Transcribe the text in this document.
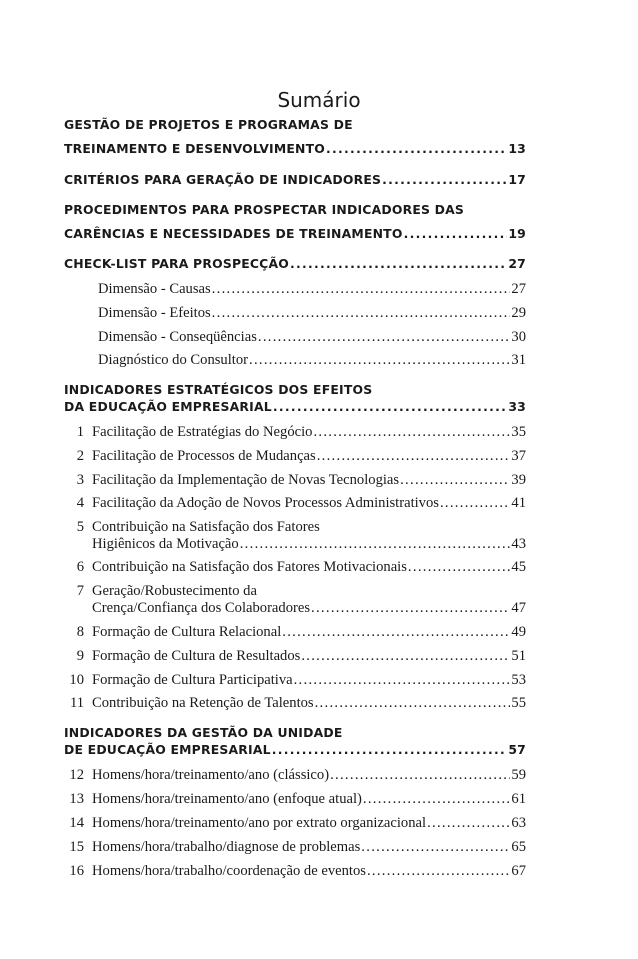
Sumário
GESTÃO DE PROJETOS E PROGRAMAS DE
TREINAMENTO E DESENVOLVIMENTO .....	13
CRITÉRIOS PARA GERAÇÃO DE INDICADORES .....	17
PROCEDIMENTOS PARA PROSPECTAR INDICADORES DAS
CARÊNCIAS E NECESSIDADES DE TREINAMENTO .....	19
CHECK-LIST PARA PROSPECÇÃO .....	27
Dimensão - Causas .....	27
Dimensão - Efeitos .....	29
Dimensão - Conseqüências .....	30
Diagnóstico do Consultor .....	31
INDICADORES ESTRATÉGICOS DOS EFEITOS
DA EDUCAÇÃO EMPRESARIAL .....	33
1 Facilitação de Estratégias do Negócio .....	35
2 Facilitação de Processos de Mudanças .....	37
3 Facilitação da Implementação de Novas Tecnologias .....	39
4 Facilitação da Adoção de Novos Processos Administrativos .....	41
5 Contribuição na Satisfação dos Fatores
Higiênicos da Motivação .....	43
6 Contribuição na Satisfação dos Fatores Motivacionais .....	45
7 Geração/Robustecimento da
Crença/Confiança dos Colaboradores .....	47
8 Formação de Cultura Relacional .....	49
9 Formação de Cultura de Resultados .....	51
10 Formação de Cultura Participativa .....	53
11 Contribuição na Retenção de Talentos .....	55
INDICADORES DA GESTÃO DA UNIDADE
DE EDUCAÇÃO EMPRESARIAL .....	57
12 Homens/hora/treinamento/ano (clássico) .....	59
13 Homens/hora/treinamento/ano (enfoque atual) .....	61
14 Homens/hora/treinamento/ano por extrato organizacional .....	63
15 Homens/hora/trabalho/diagnose de problemas .....	65
16 Homens/hora/trabalho/coordenação de eventos .....	67
